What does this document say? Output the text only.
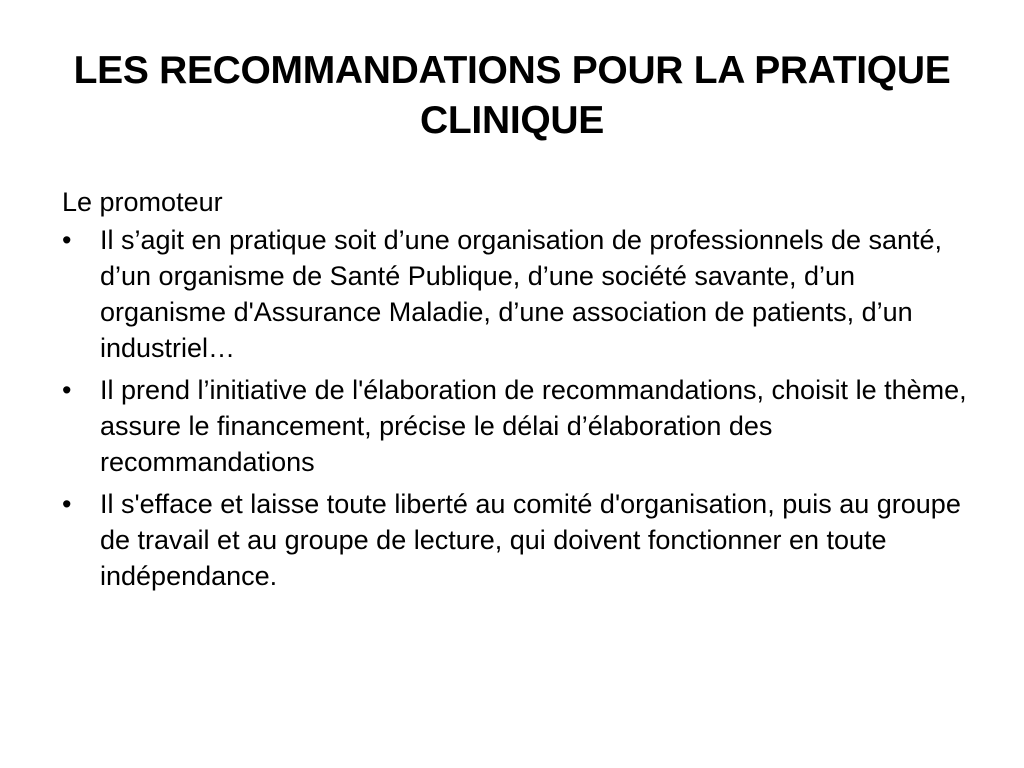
LES RECOMMANDATIONS POUR LA PRATIQUE CLINIQUE

Le promoteur

•	Il s’agit en pratique soit d’une organisation de professionnels de santé, d’un organisme de Santé Publique, d’une société savante, d’un organisme d'Assurance Maladie, d’une association de patients, d’un industriel…
•	Il prend l’initiative de l'élaboration de recommandations, choisit le thème, assure le financement, précise le délai d’élaboration des recommandations
•	Il s'efface et laisse toute liberté au comité d'organisation, puis au groupe de travail et au groupe de lecture, qui doivent fonctionner en toute indépendance.
